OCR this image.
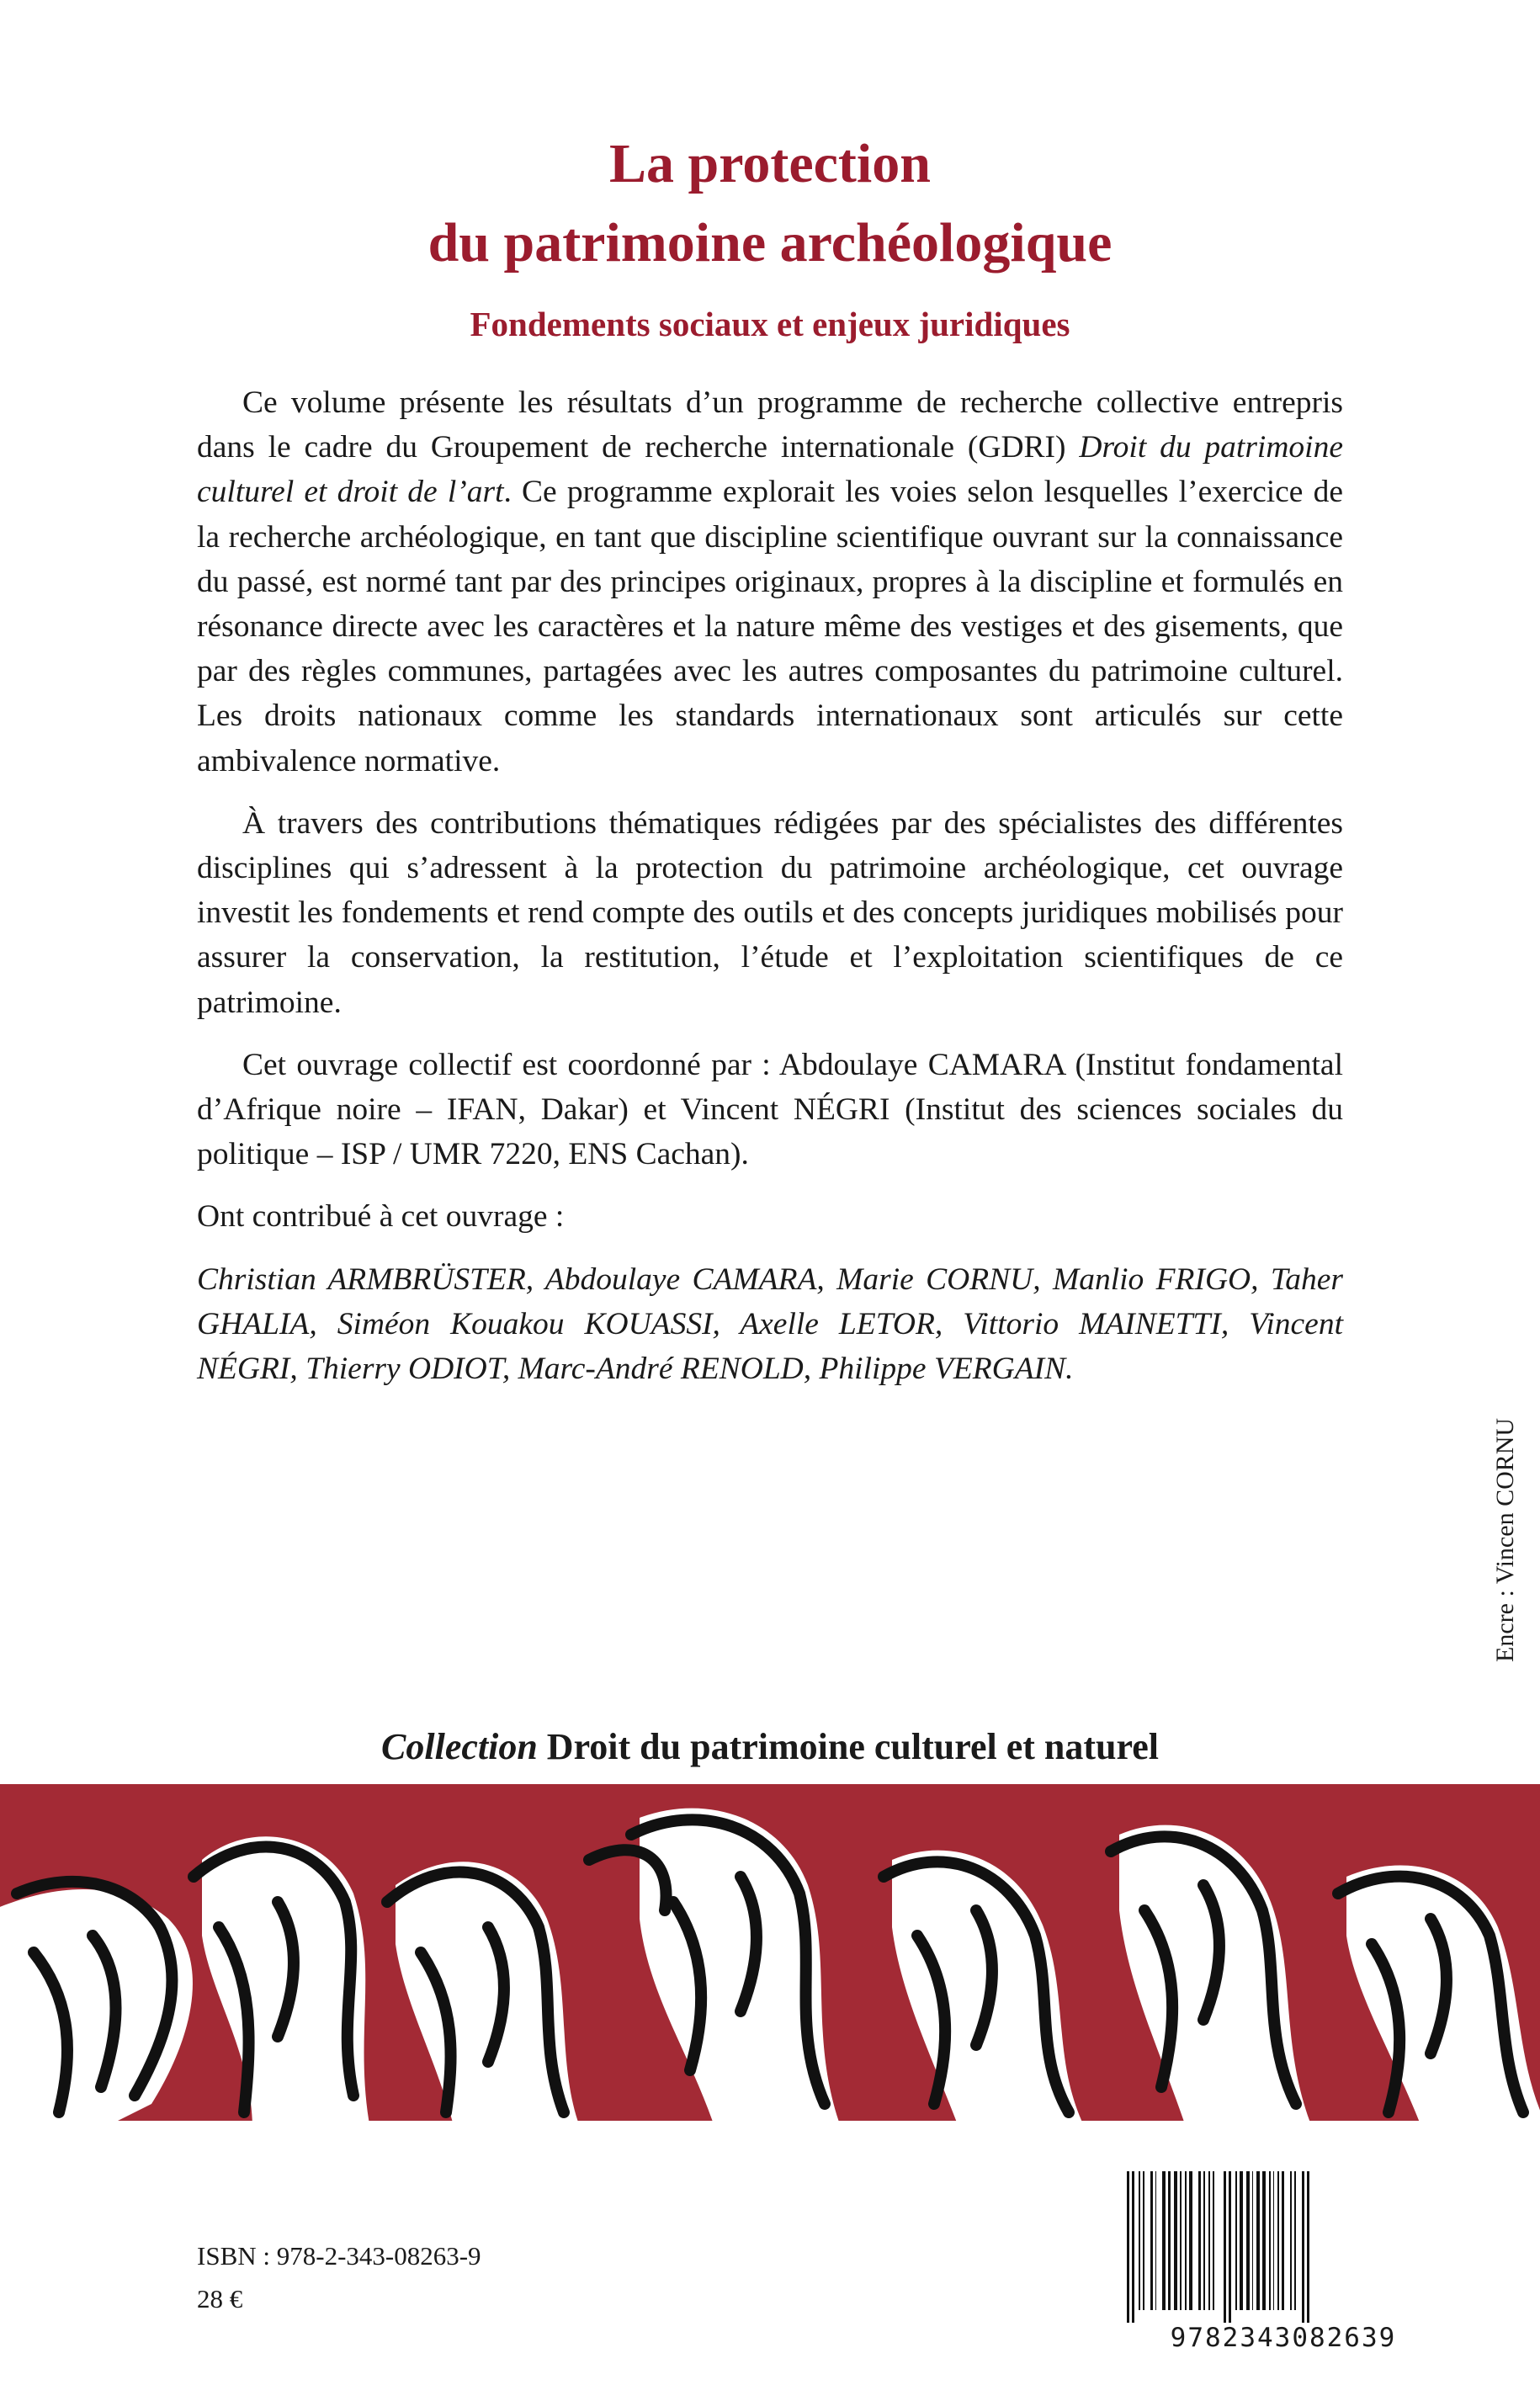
La protection
du patrimoine archéologique
Fondements sociaux et enjeux juridiques

Ce volume présente les résultats d’un programme de recherche collective entrepris dans le cadre du Groupement de recherche internationale (GDRI) Droit du patrimoine culturel et droit de l’art. Ce programme explorait les voies selon lesquelles l’exercice de la recherche archéologique, en tant que discipline scientifique ouvrant sur la connaissance du passé, est normé tant par des principes originaux, propres à la discipline et formulés en résonance directe avec les caractères et la nature même des vestiges et des gisements, que par des règles communes, partagées avec les autres composantes du patrimoine culturel. Les droits nationaux comme les standards internationaux sont articulés sur cette ambivalence normative.

À travers des contributions thématiques rédigées par des spécialistes des différentes disciplines qui s’adressent à la protection du patrimoine archéologique, cet ouvrage investit les fondements et rend compte des outils et des concepts juridiques mobilisés pour assurer la conservation, la restitution, l’étude et l’exploitation scientifiques de ce patrimoine.

Cet ouvrage collectif est coordonné par : Abdoulaye CAMARA (Institut fondamental d’Afrique noire – IFAN, Dakar) et Vincent NÉGRI (Institut des sciences sociales du politique – ISP / UMR 7220, ENS Cachan).

Ont contribué à cet ouvrage :

Christian ARMBRÜSTER, Abdoulaye CAMARA, Marie CORNU, Manlio FRIGO, Taher GHALIA, Siméon Kouakou KOUASSI, Axelle LETOR, Vittorio MAINETTI, Vincent NÉGRI, Thierry ODIOT, Marc-André RENOLD, Philippe VERGAIN.

Encre : Vincen CORNU
Collection Droit du patrimoine culturel et naturel
ISBN : 978-2-343-08263-9
28 €
9782343082639
